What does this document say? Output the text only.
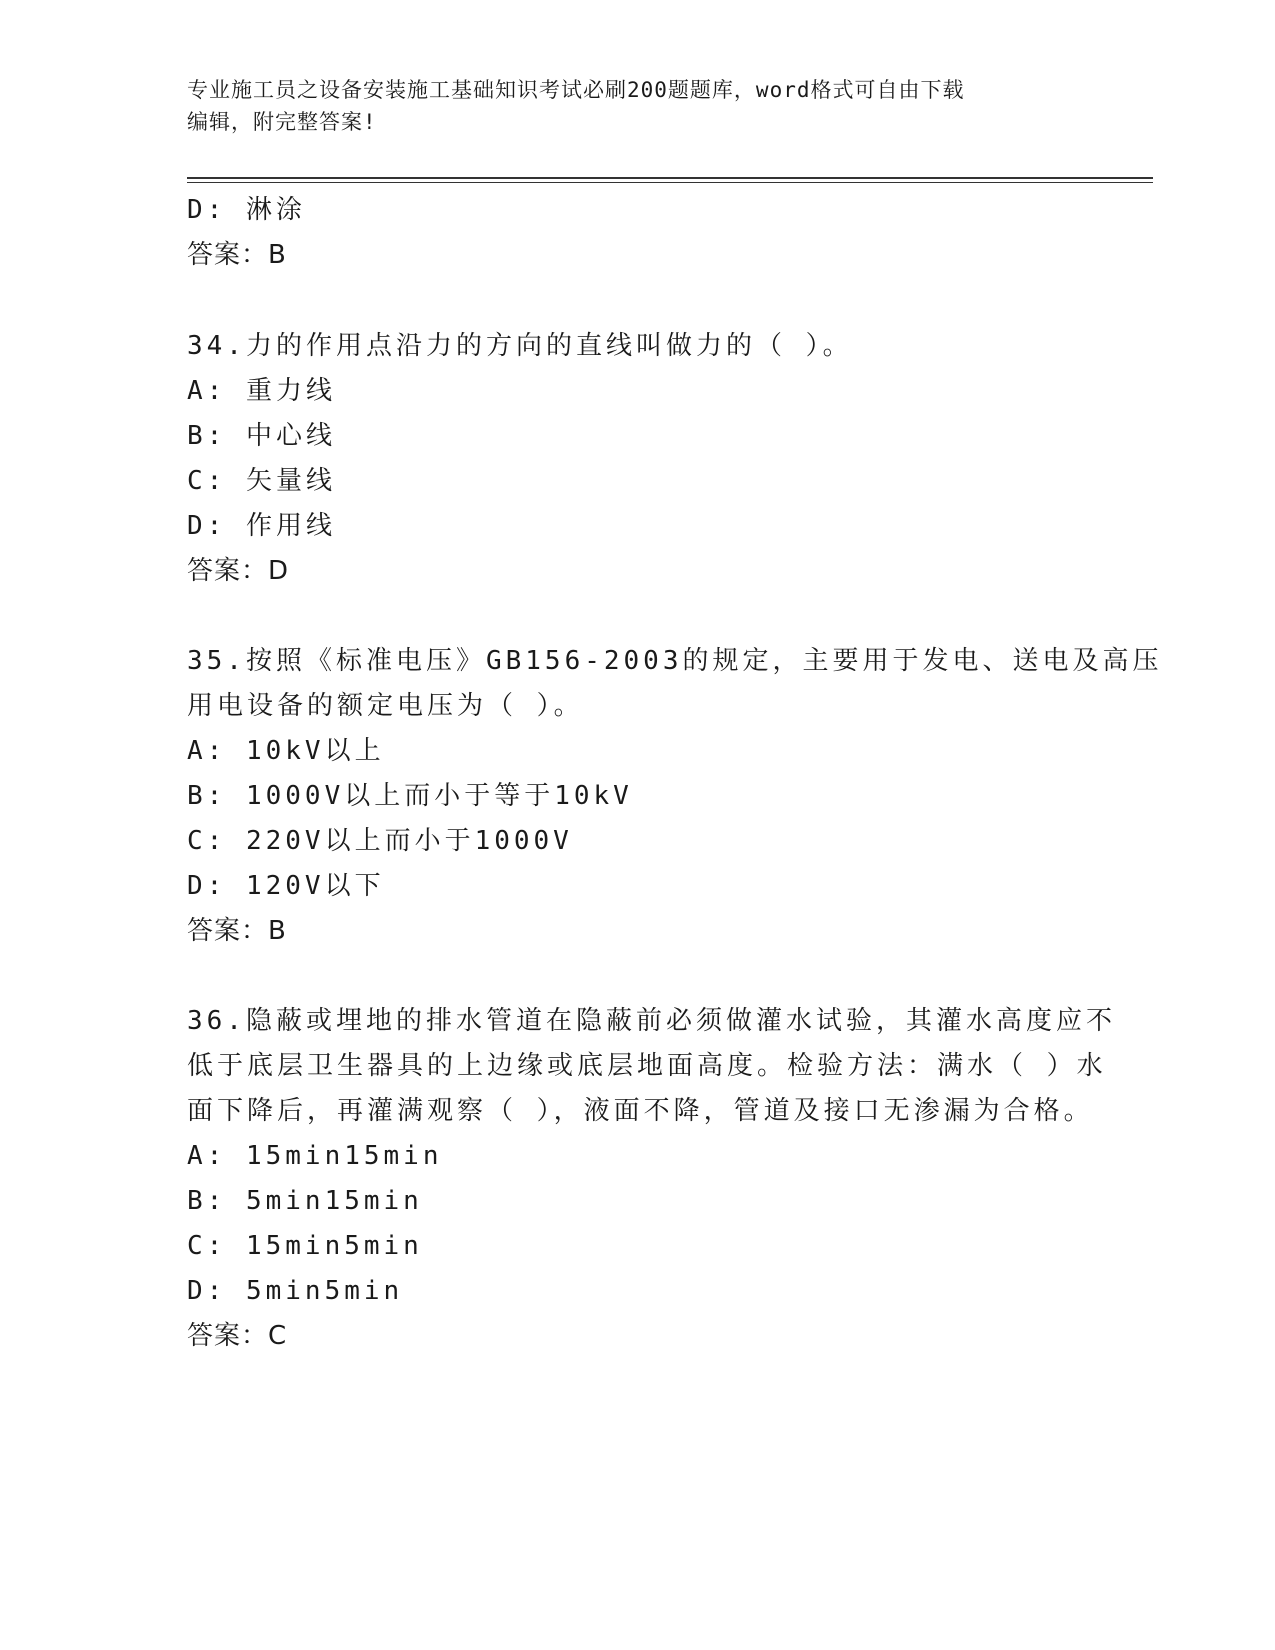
专业施工员之设备安装施工基础知识考试必刷200题题库，word格式可自由下载
编辑，附完整答案!
D: 淋涂
答案：B
34.力的作用点沿力的方向的直线叫做力的（ ）。
A: 重力线
B: 中心线
C: 矢量线
D: 作用线
答案：D
35.按照《标准电压》GB156-2003的规定，主要用于发电、送电及高压
用电设备的额定电压为（ ）。
A: 10kV以上
B: 1000V以上而小于等于10kV
C: 220V以上而小于1000V
D: 120V以下
答案：B
36.隐蔽或埋地的排水管道在隐蔽前必须做灌水试验，其灌水高度应不
低于底层卫生器具的上边缘或底层地面高度。检验方法：满水（ ）水
面下降后，再灌满观察（ ），液面不降，管道及接口无渗漏为合格。
A: 15min15min
B: 5min15min
C: 15min5min
D: 5min5min
答案：C
